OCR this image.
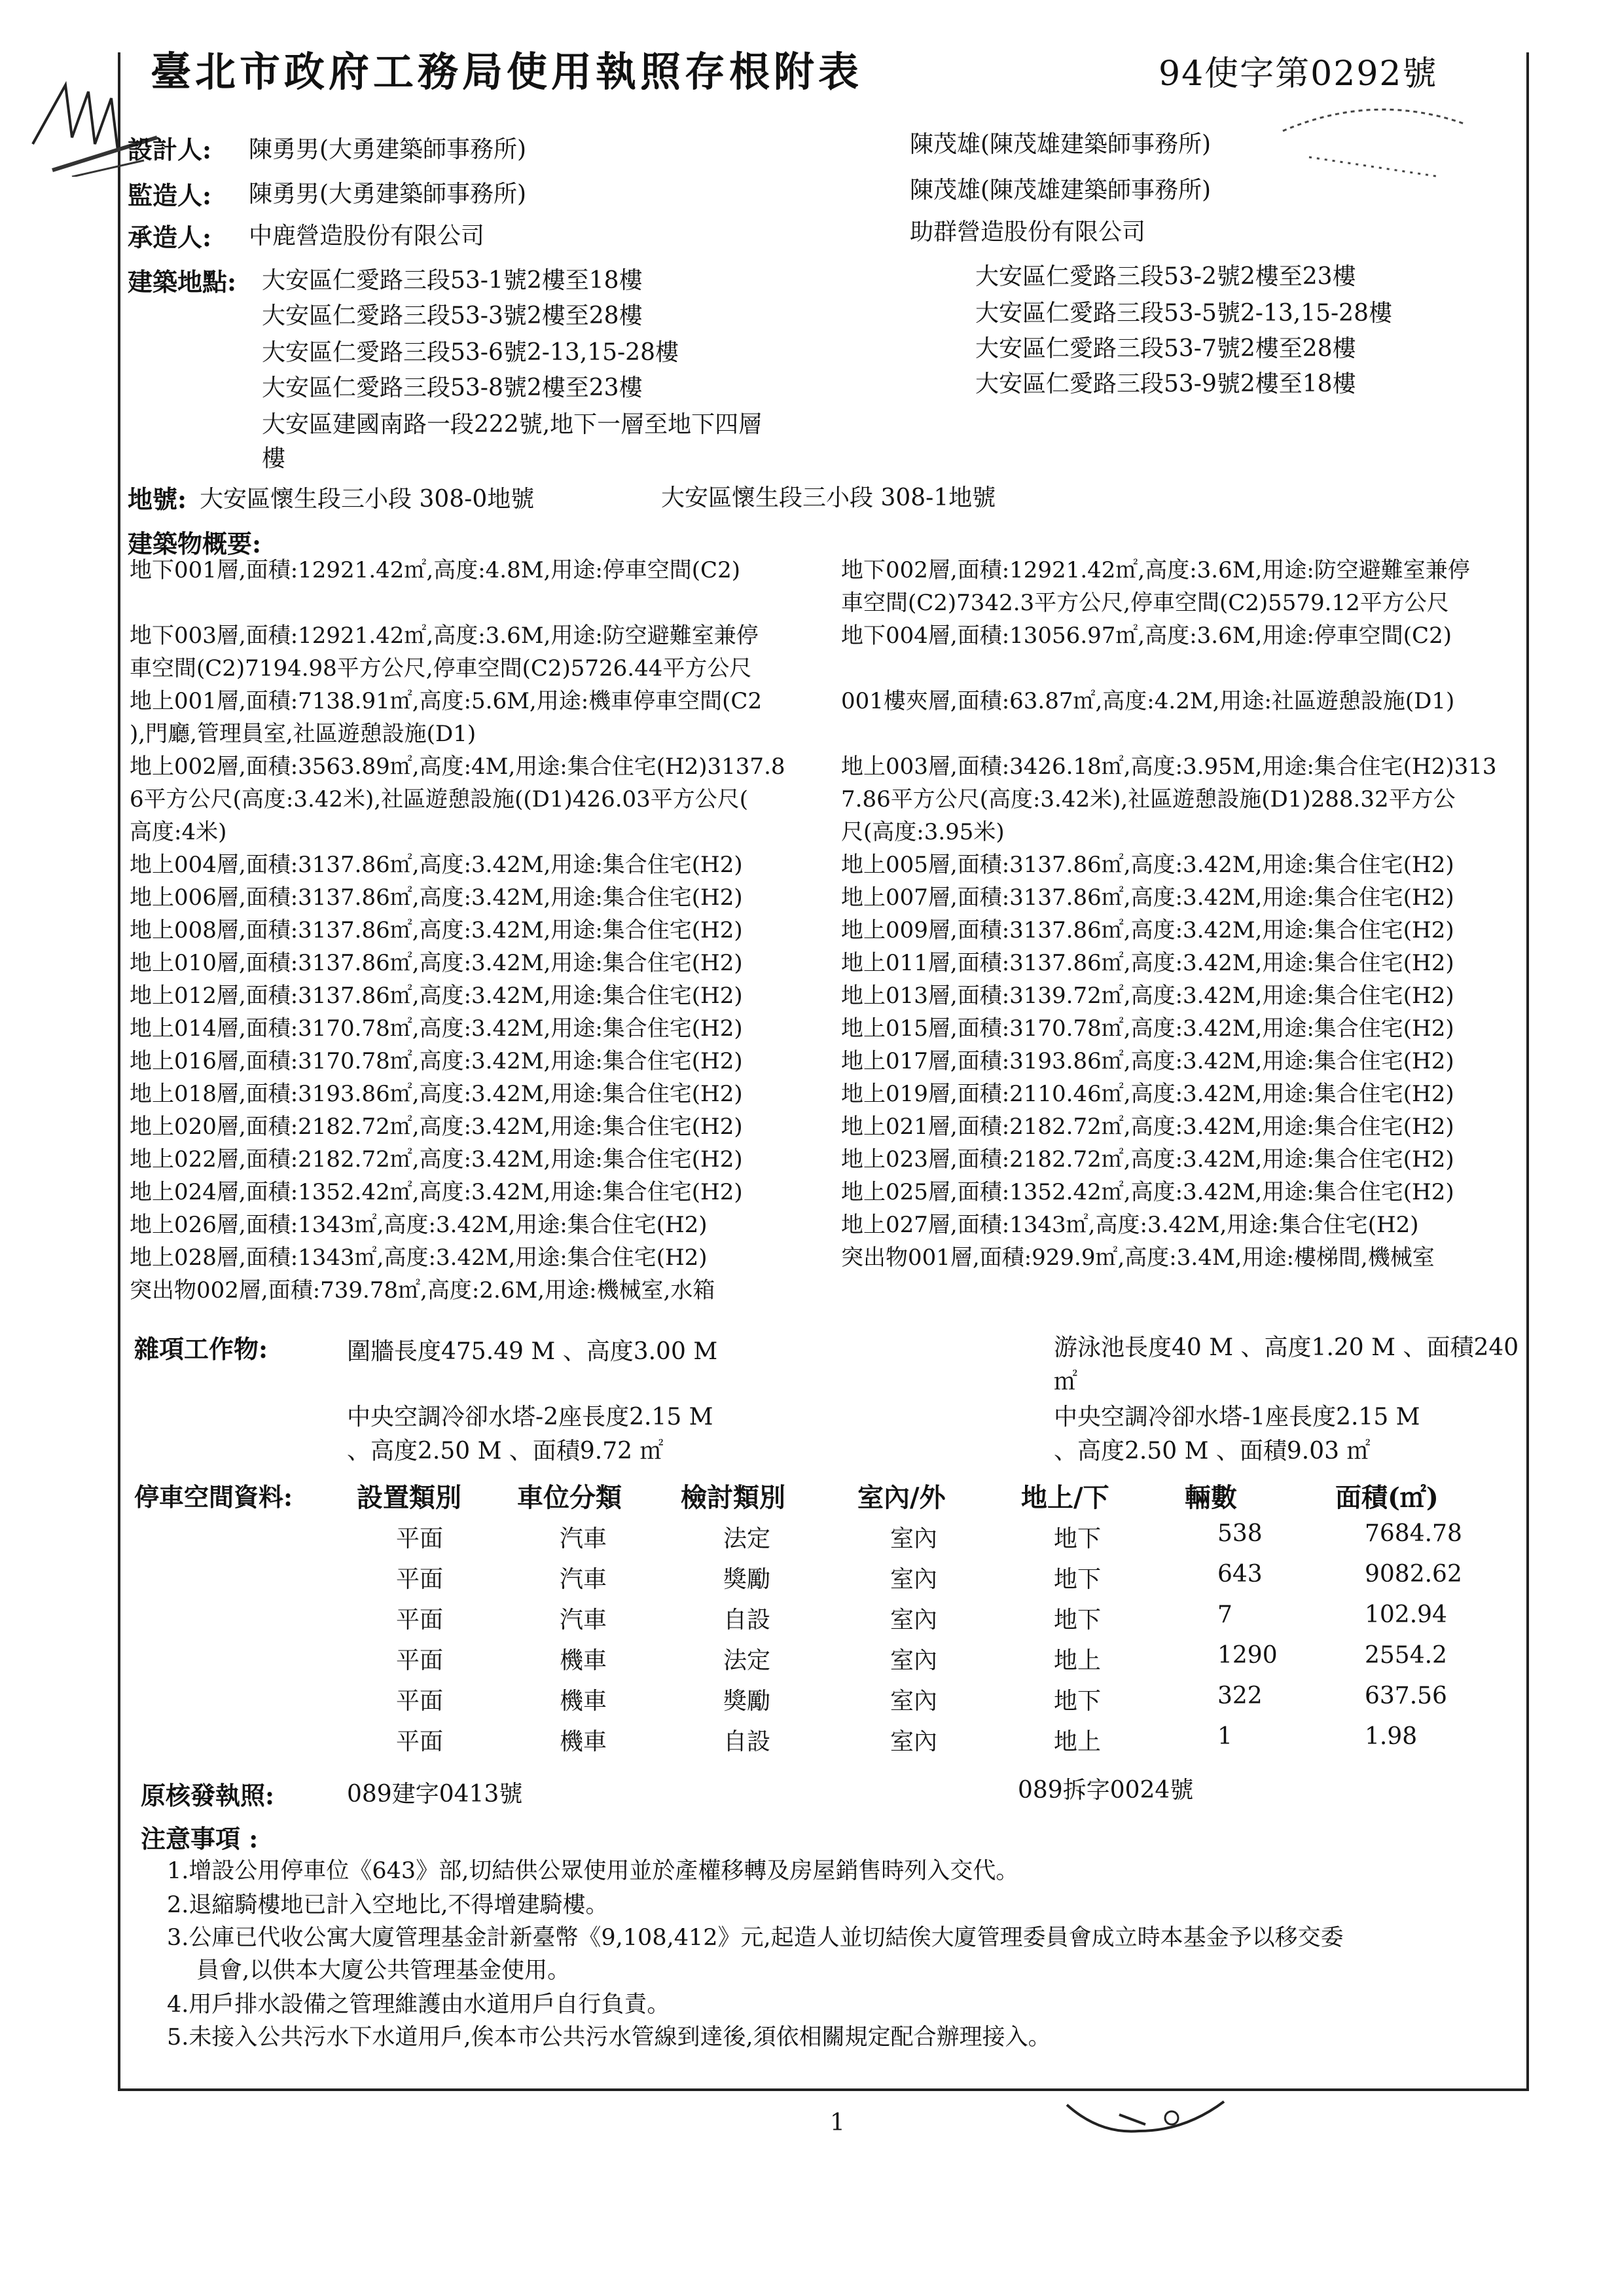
臺北市政府工務局使用執照存根附表	94使字第0292號
設計人: 陳勇男(大勇建築師事務所)	陳茂雄(陳茂雄建築師事務所)
監造人: 陳勇男(大勇建築師事務所)	陳茂雄(陳茂雄建築師事務所)
承造人: 中鹿營造股份有限公司	助群營造股份有限公司
建築地點: 大安區仁愛路三段53-1號2樓至18樓
大安區仁愛路三段53-3號2樓至28樓
大安區仁愛路三段53-6號2-13,15-28樓
大安區仁愛路三段53-8號2樓至23樓
大安區建國南路一段222號,地下一層至地下四層
樓
大安區仁愛路三段53-2號2樓至23樓
大安區仁愛路三段53-5號2-13,15-28樓
大安區仁愛路三段53-7號2樓至28樓
大安區仁愛路三段53-9號2樓至18樓
地號: 大安區懷生段三小段 308-0地號	大安區懷生段三小段 308-1地號
建築物概要:
地下001層,面積:12921.42㎡,高度:4.8M,用途:停車空間(C2)
地下003層,面積:12921.42㎡,高度:3.6M,用途:防空避難室兼停
車空間(C2)7194.98平方公尺,停車空間(C2)5726.44平方公尺
地上001層,面積:7138.91㎡,高度:5.6M,用途:機車停車空間(C2
),門廳,管理員室,社區遊憩設施(D1)
地上002層,面積:3563.89㎡,高度:4M,用途:集合住宅(H2)3137.8
6平方公尺(高度:3.42米),社區遊憩設施((D1)426.03平方公尺(
高度:4米)
地上004層,面積:3137.86㎡,高度:3.42M,用途:集合住宅(H2)
地上006層,面積:3137.86㎡,高度:3.42M,用途:集合住宅(H2)
地上008層,面積:3137.86㎡,高度:3.42M,用途:集合住宅(H2)
地上010層,面積:3137.86㎡,高度:3.42M,用途:集合住宅(H2)
地上012層,面積:3137.86㎡,高度:3.42M,用途:集合住宅(H2)
地上014層,面積:3170.78㎡,高度:3.42M,用途:集合住宅(H2)
地上016層,面積:3170.78㎡,高度:3.42M,用途:集合住宅(H2)
地上018層,面積:3193.86㎡,高度:3.42M,用途:集合住宅(H2)
地上020層,面積:2182.72㎡,高度:3.42M,用途:集合住宅(H2)
地上022層,面積:2182.72㎡,高度:3.42M,用途:集合住宅(H2)
地上024層,面積:1352.42㎡,高度:3.42M,用途:集合住宅(H2)
地上026層,面積:1343㎡,高度:3.42M,用途:集合住宅(H2)
地上028層,面積:1343㎡,高度:3.42M,用途:集合住宅(H2)
突出物002層,面積:739.78㎡,高度:2.6M,用途:機械室,水箱
地下002層,面積:12921.42㎡,高度:3.6M,用途:防空避難室兼停
車空間(C2)7342.3平方公尺,停車空間(C2)5579.12平方公尺
地下004層,面積:13056.97㎡,高度:3.6M,用途:停車空間(C2)
001樓夾層,面積:63.87㎡,高度:4.2M,用途:社區遊憩設施(D1)
地上003層,面積:3426.18㎡,高度:3.95M,用途:集合住宅(H2)313
7.86平方公尺(高度:3.42米),社區遊憩設施(D1)288.32平方公
尺(高度:3.95米)
地上005層,面積:3137.86㎡,高度:3.42M,用途:集合住宅(H2)
地上007層,面積:3137.86㎡,高度:3.42M,用途:集合住宅(H2)
地上009層,面積:3137.86㎡,高度:3.42M,用途:集合住宅(H2)
地上011層,面積:3137.86㎡,高度:3.42M,用途:集合住宅(H2)
地上013層,面積:3139.72㎡,高度:3.42M,用途:集合住宅(H2)
地上015層,面積:3170.78㎡,高度:3.42M,用途:集合住宅(H2)
地上017層,面積:3193.86㎡,高度:3.42M,用途:集合住宅(H2)
地上019層,面積:2110.46㎡,高度:3.42M,用途:集合住宅(H2)
地上021層,面積:2182.72㎡,高度:3.42M,用途:集合住宅(H2)
地上023層,面積:2182.72㎡,高度:3.42M,用途:集合住宅(H2)
地上025層,面積:1352.42㎡,高度:3.42M,用途:集合住宅(H2)
地上027層,面積:1343㎡,高度:3.42M,用途:集合住宅(H2)
突出物001層,面積:929.9㎡,高度:3.4M,用途:樓梯間,機械室
雜項工作物:	圍牆長度475.49 M 、高度3.00 M	游泳池長度40 M 、高度1.20 M 、面積240
㎡
中央空調冷卻水塔-2座長度2.15 M
、高度2.50 M 、面積9.72 ㎡
中央空調冷卻水塔-1座長度2.15 M
、高度2.50 M 、面積9.03 ㎡
停車空間資料: 設置類別 車位分類 檢討類別	室內/外	地上/下	輛數	面積(㎡)
平面	汽車	法定	室內	地下	538	7684.78
平面	汽車	獎勵	室內	地下	643	9082.62
平面	汽車	自設	室內	地下	7	102.94
平面	機車	法定	室內	地上	1290	2554.2
平面	機車	獎勵	室內	地下	322	637.56
平面	機車	自設	室內	地上	1	1.98
原核發執照:	089建字0413號	089拆字0024號
注意事項 :
1.增設公用停車位《643》部,切結供公眾使用並於產權移轉及房屋銷售時列入交代。
2.退縮騎樓地已計入空地比,不得增建騎樓。
3.公庫已代收公寓大廈管理基金計新臺幣《9,108,412》元,起造人並切結俟大廈管理委員會成立時本基金予以移交委
員會,以供本大廈公共管理基金使用。
4.用戶排水設備之管理維護由水道用戶自行負責。
5.未接入公共污水下水道用戶,俟本市公共污水管線到達後,須依相關規定配合辦理接入。
1
